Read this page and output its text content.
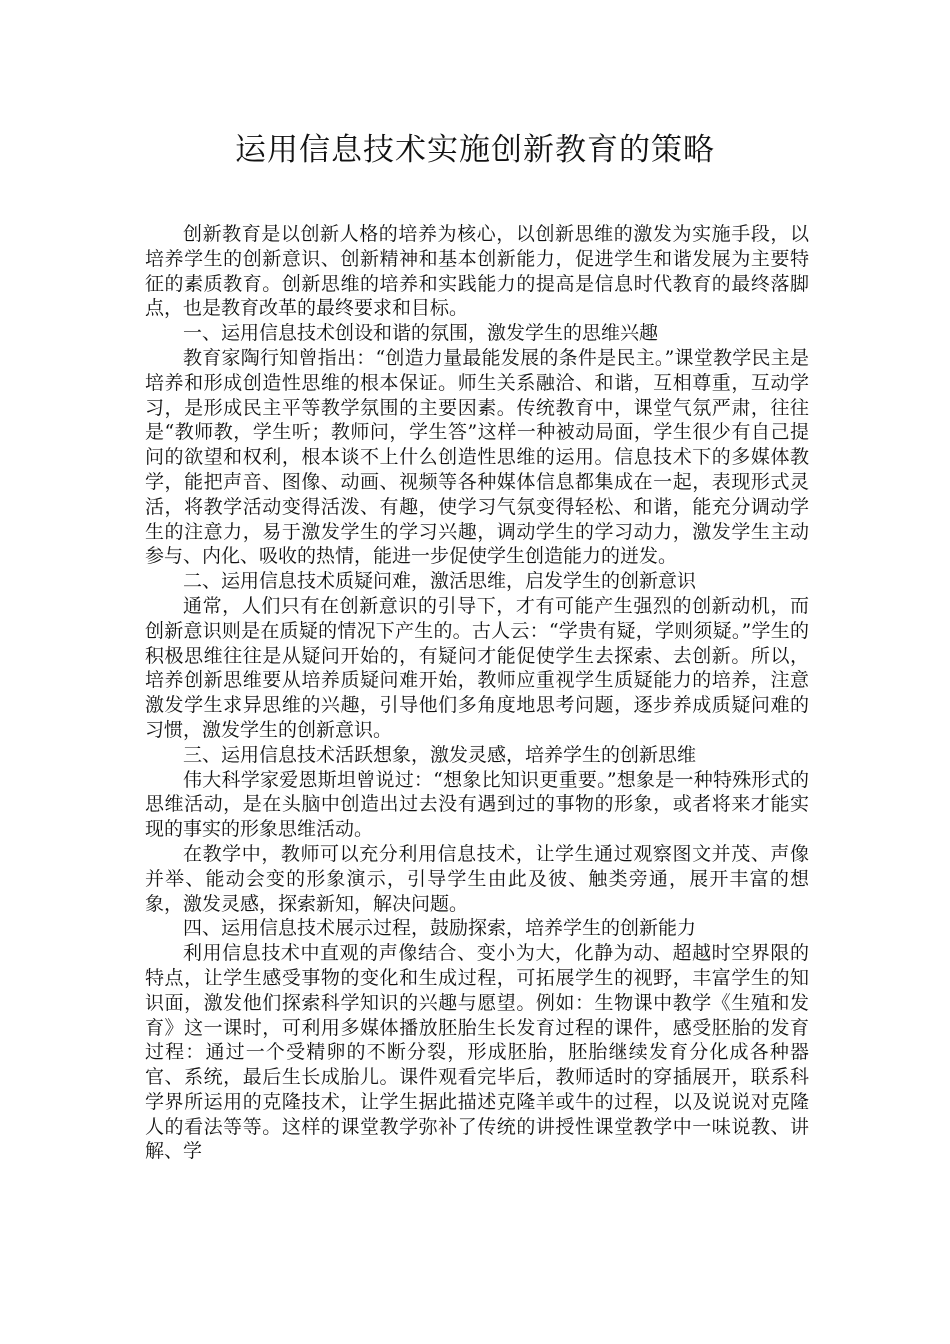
运用信息技术实施创新教育的策略

创新教育是以创新人格的培养为核心，以创新思维的激发为实施手段，以培养学生的创新意识、创新精神和基本创新能力，促进学生和谐发展为主要特征的素质教育。创新思维的培养和实践能力的提高是信息时代教育的最终落脚点，也是教育改革的最终要求和目标。

一、运用信息技术创设和谐的氛围，激发学生的思维兴趣

教育家陶行知曾指出：“创造力量最能发展的条件是民主。”课堂教学民主是培养和形成创造性思维的根本保证。师生关系融洽、和谐，互相尊重，互动学习，是形成民主平等教学氛围的主要因素。传统教育中，课堂气氛严肃，往往是“教师教，学生听；教师问，学生答”这样一种被动局面，学生很少有自己提问的欲望和权利，根本谈不上什么创造性思维的运用。信息技术下的多媒体教学，能把声音、图像、动画、视频等各种媒体信息都集成在一起，表现形式灵活，将教学活动变得活泼、有趣，使学习气氛变得轻松、和谐，能充分调动学生的注意力，易于激发学生的学习兴趣，调动学生的学习动力，激发学生主动参与、内化、吸收的热情，能进一步促使学生创造能力的迸发。

二、运用信息技术质疑问难，激活思维，启发学生的创新意识

通常，人们只有在创新意识的引导下，才有可能产生强烈的创新动机，而创新意识则是在质疑的情况下产生的。古人云：“学贵有疑，学则须疑。”学生的积极思维往往是从疑问开始的，有疑问才能促使学生去探索、去创新。所以，培养创新思维要从培养质疑问难开始，教师应重视学生质疑能力的培养，注意激发学生求异思维的兴趣，引导他们多角度地思考问题，逐步养成质疑问难的习惯，激发学生的创新意识。

三、运用信息技术活跃想象，激发灵感，培养学生的创新思维

伟大科学家爱恩斯坦曾说过：“想象比知识更重要。”想象是一种特殊形式的思维活动，是在头脑中创造出过去没有遇到过的事物的形象，或者将来才能实现的事实的形象思维活动。

在教学中，教师可以充分利用信息技术，让学生通过观察图文并茂、声像并举、能动会变的形象演示，引导学生由此及彼、触类旁通，展开丰富的想象，激发灵感，探索新知，解决问题。

四、运用信息技术展示过程，鼓励探索，培养学生的创新能力

利用信息技术中直观的声像结合、变小为大，化静为动、超越时空界限的特点，让学生感受事物的变化和生成过程，可拓展学生的视野，丰富学生的知识面，激发他们探索科学知识的兴趣与愿望。例如：生物课中教学《生殖和发育》这一课时，可利用多媒体播放胚胎生长发育过程的课件，感受胚胎的发育过程：通过一个受精卵的不断分裂，形成胚胎，胚胎继续发育分化成各种器官、系统，最后生长成胎儿。课件观看完毕后，教师适时的穿插展开，联系科学界所运用的克隆技术，让学生据此描述克隆羊或牛的过程，以及说说对克隆人的看法等等。这样的课堂教学弥补了传统的讲授性课堂教学中一味说教、讲解、学
